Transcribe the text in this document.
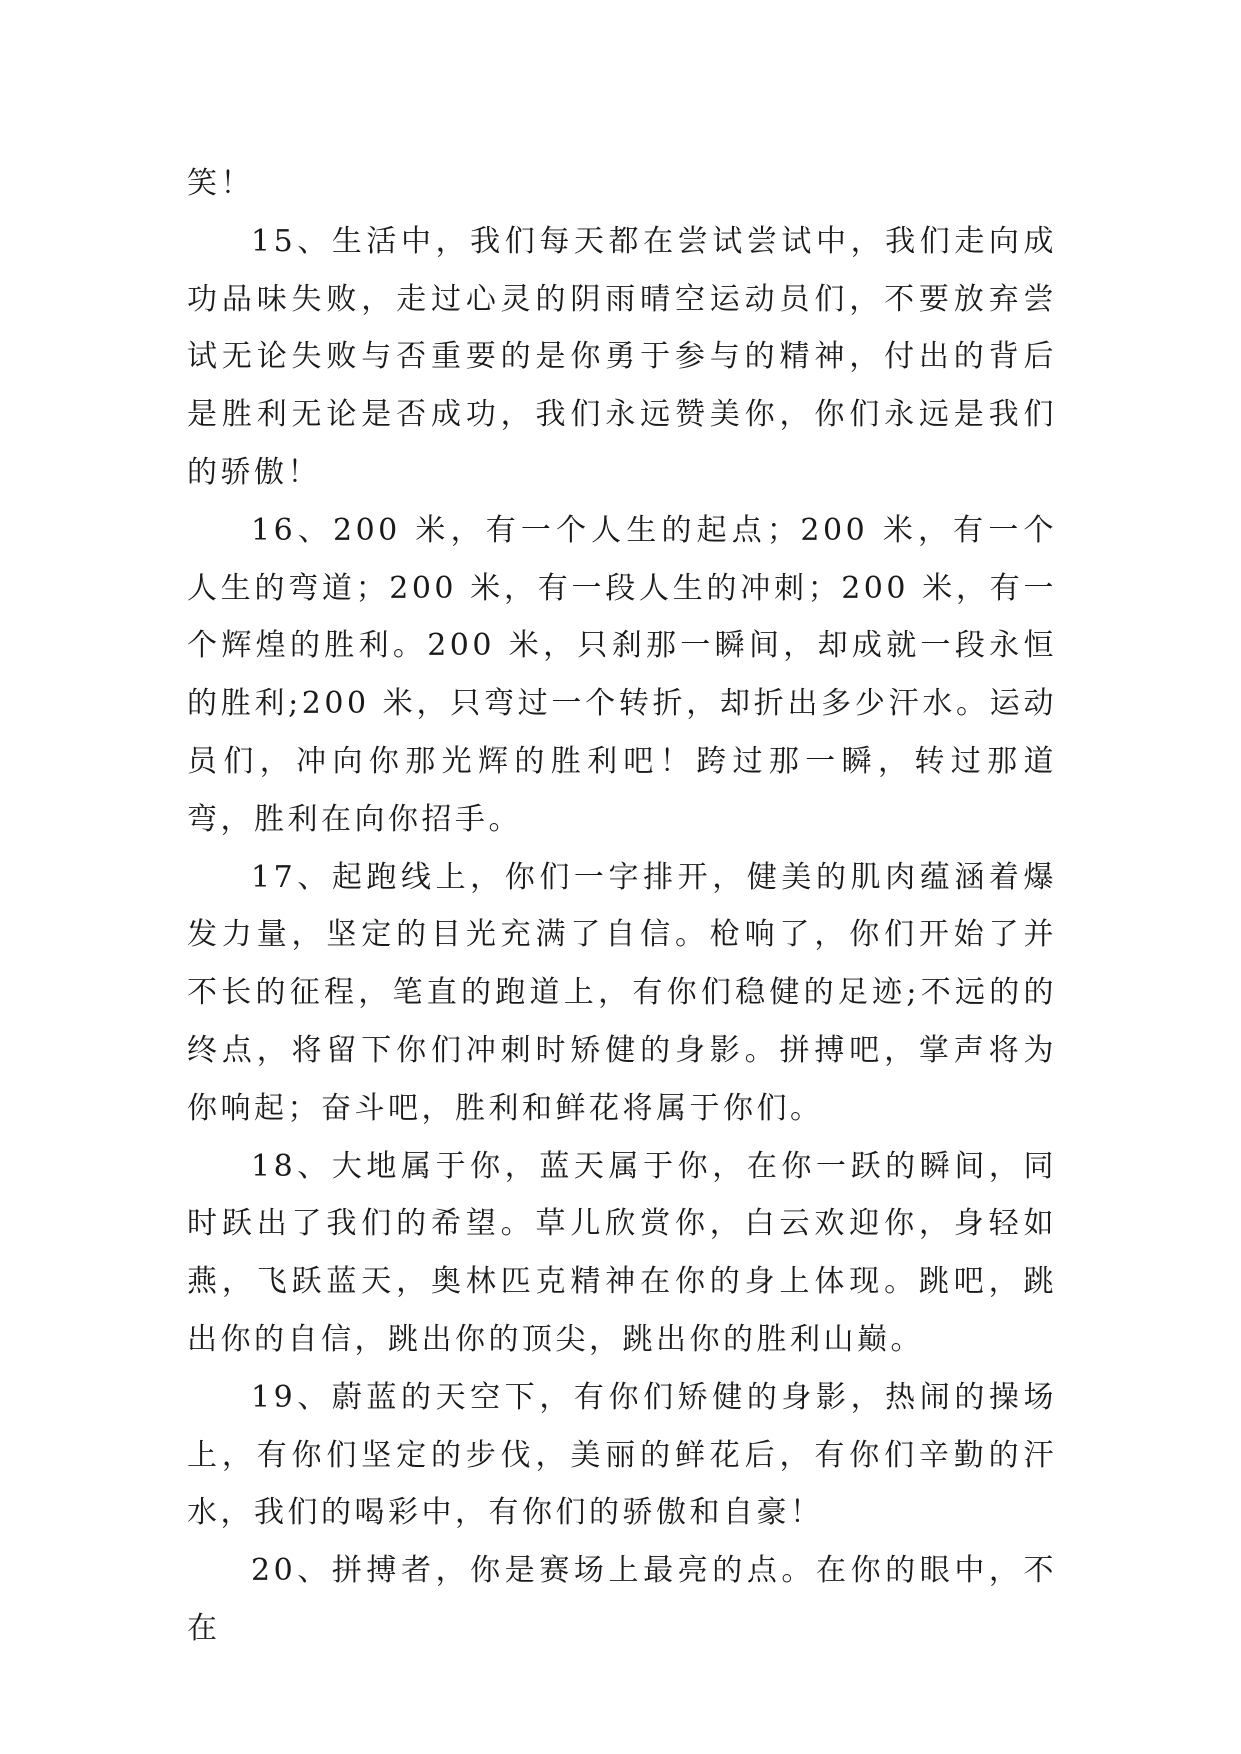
笑！

15、生活中，我们每天都在尝试尝试中，我们走向成功品味失败，走过心灵的阴雨晴空运动员们，不要放弃尝试无论失败与否重要的是你勇于参与的精神，付出的背后是胜利无论是否成功，我们永远赞美你，你们永远是我们的骄傲！

16、200 米，有一个人生的起点；200 米，有一个人生的弯道；200 米，有一段人生的冲刺；200 米，有一个辉煌的胜利。200 米，只刹那一瞬间，却成就一段永恒的胜利;200 米，只弯过一个转折，却折出多少汗水。运动员们，冲向你那光辉的胜利吧！跨过那一瞬，转过那道弯，胜利在向你招手。

17、起跑线上，你们一字排开，健美的肌肉蕴涵着爆发力量，坚定的目光充满了自信。枪响了，你们开始了并不长的征程，笔直的跑道上，有你们稳健的足迹;不远的的终点，将留下你们冲刺时矫健的身影。拼搏吧，掌声将为你响起；奋斗吧，胜利和鲜花将属于你们。

18、大地属于你，蓝天属于你，在你一跃的瞬间，同时跃出了我们的希望。草儿欣赏你，白云欢迎你，身轻如燕，飞跃蓝天，奥林匹克精神在你的身上体现。跳吧，跳出你的自信，跳出你的顶尖，跳出你的胜利山巅。

19、蔚蓝的天空下，有你们矫健的身影，热闹的操场上，有你们坚定的步伐，美丽的鲜花后，有你们辛勤的汗水，我们的喝彩中，有你们的骄傲和自豪！

20、拼搏者，你是赛场上最亮的点。在你的眼中，不在
